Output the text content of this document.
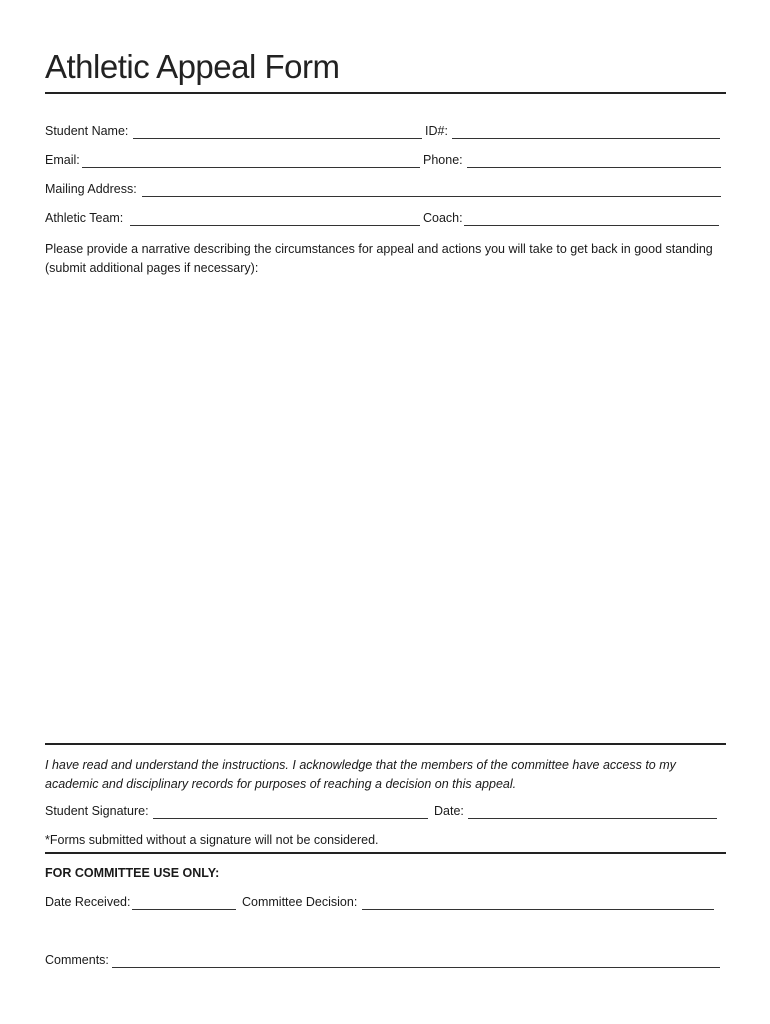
Athletic Appeal Form
Student Name:	ID#:
Email:	Phone:
Mailing Address:
Athletic Team:	Coach:
Please provide a narrative describing the circumstances for appeal and actions you will take to get back in good standing (submit additional pages if necessary):
I have read and understand the instructions. I acknowledge that the members of the committee have access to my academic and disciplinary records for purposes of reaching a decision on this appeal.
Student Signature:	Date:
*Forms submitted without a signature will not be considered.
FOR COMMITTEE USE ONLY:
Date Received:	Committee Decision:
Comments:
